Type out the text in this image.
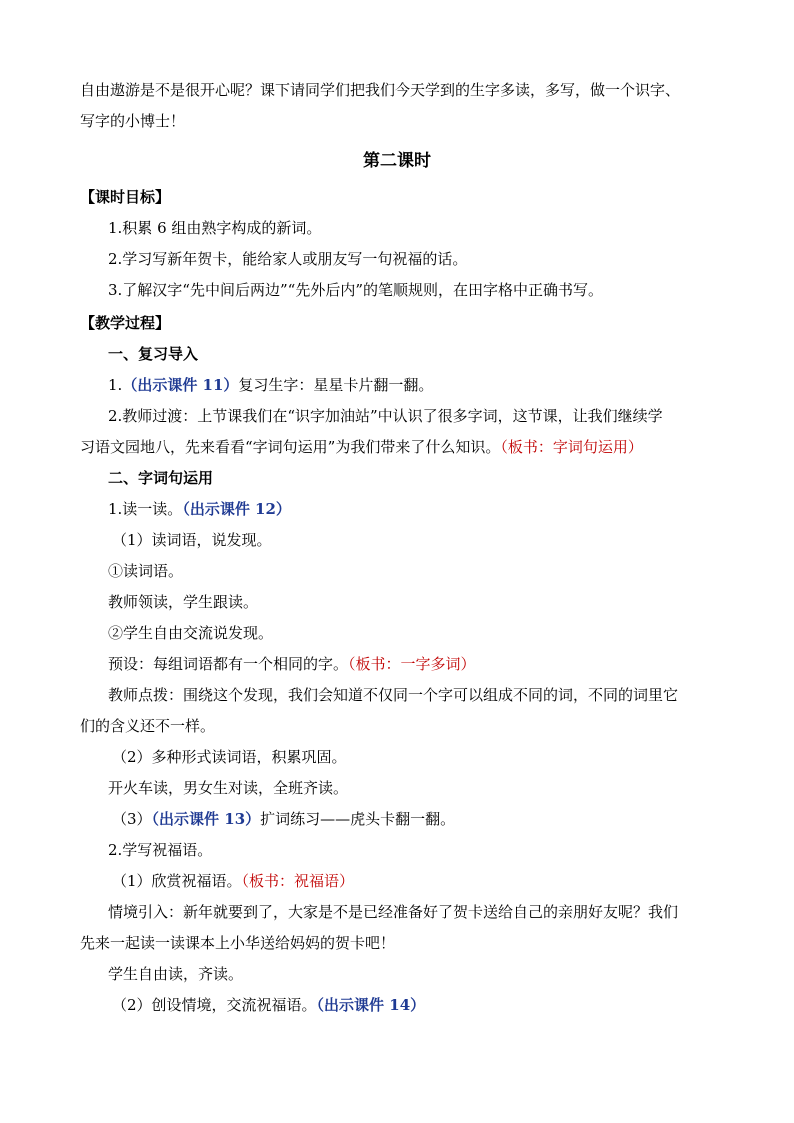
自由遨游是不是很开心呢？课下请同学们把我们今天学到的生字多读，多写，做一个识字、
写字的小博士！
第二课时
【课时目标】
1.积累 6 组由熟字构成的新词。
2.学习写新年贺卡，能给家人或朋友写一句祝福的话。
3.了解汉字“先中间后两边”“先外后内”的笔顺规则，在田字格中正确书写。
【教学过程】
一、复习导入
1.（出示课件 11）复习生字：星星卡片翻一翻。
2.教师过渡：上节课我们在“识字加油站”中认识了很多字词，这节课，让我们继续学
习语文园地八，先来看看“字词句运用”为我们带来了什么知识。（板书：字词句运用）
二、字词句运用
1.读一读。（出示课件 12）
（1）读词语，说发现。
①读词语。
教师领读，学生跟读。
②学生自由交流说发现。
预设：每组词语都有一个相同的字。（板书：一字多词）
教师点拨：围绕这个发现，我们会知道不仅同一个字可以组成不同的词，不同的词里它
们的含义还不一样。
（2）多种形式读词语，积累巩固。
开火车读，男女生对读，全班齐读。
（3）（出示课件 13）扩词练习——虎头卡翻一翻。
2.学写祝福语。
（1）欣赏祝福语。（板书：祝福语）
情境引入：新年就要到了，大家是不是已经准备好了贺卡送给自己的亲朋好友呢？我们
先来一起读一读课本上小华送给妈妈的贺卡吧！
学生自由读，齐读。
（2）创设情境，交流祝福语。（出示课件 14）
